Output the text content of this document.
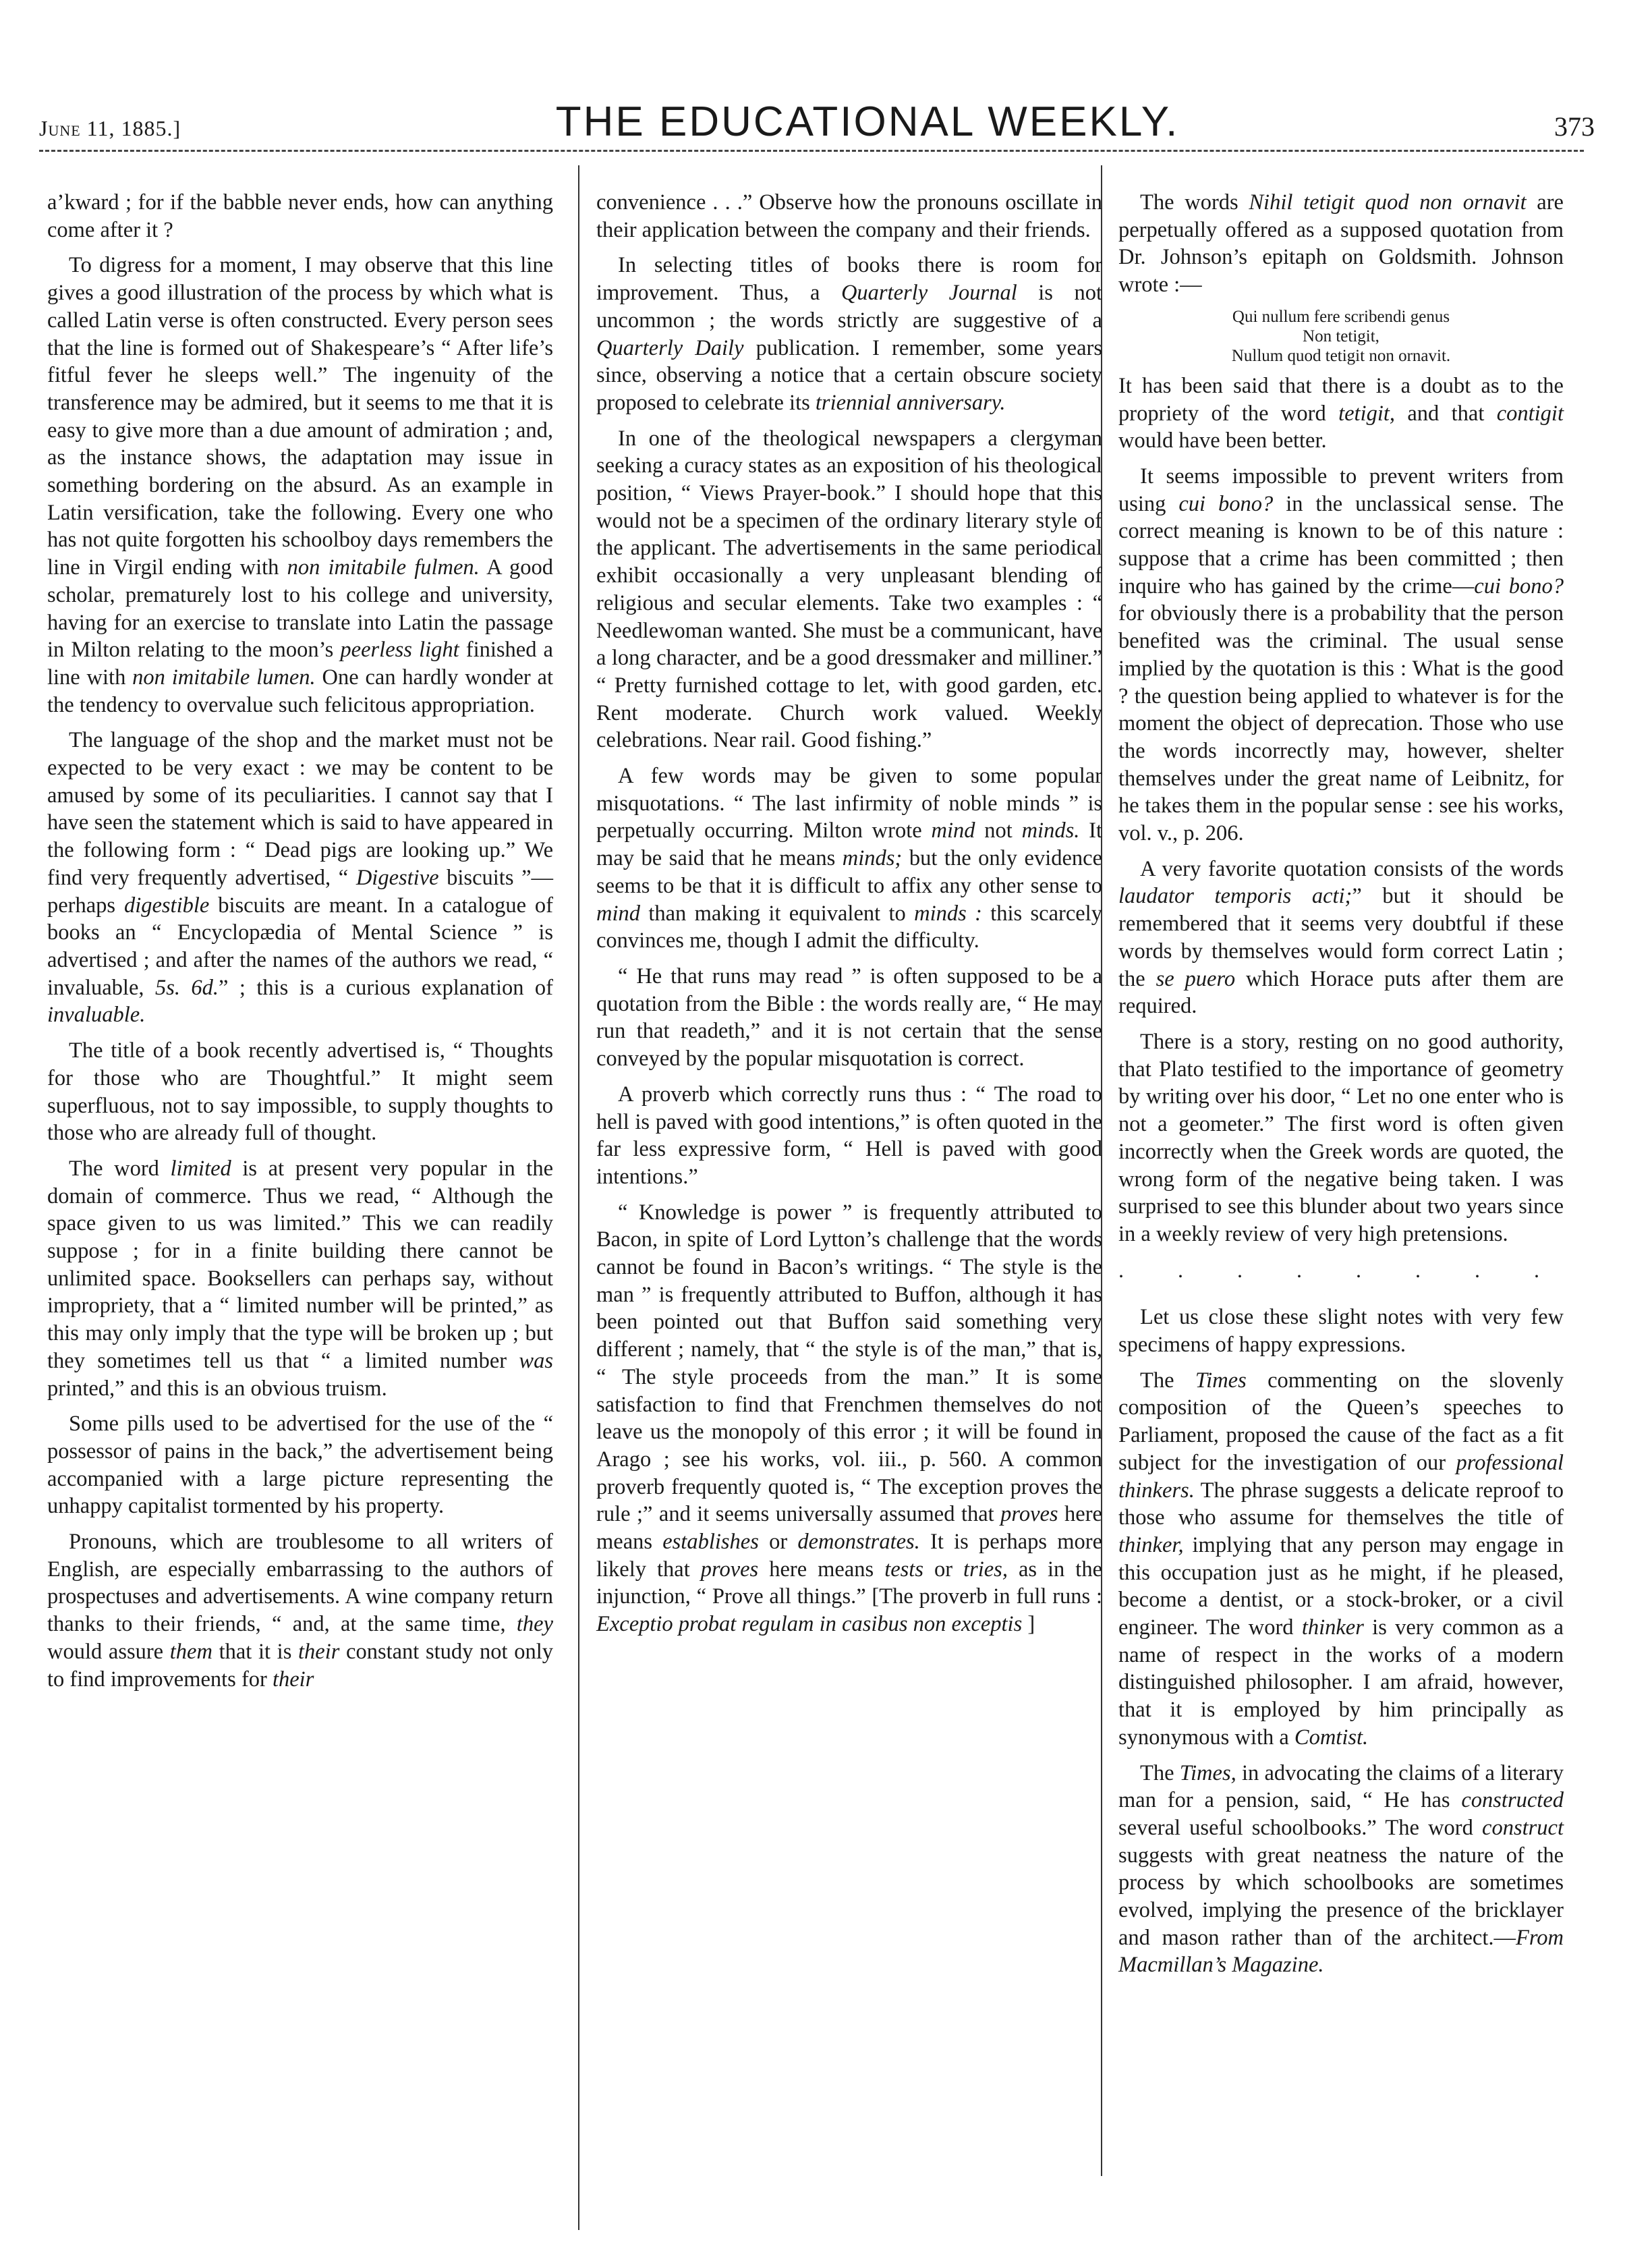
June 11, 1885.]	THE EDUCATIONAL WEEKLY.	373

a’kward ; for if the babble never ends, how can anything come after it ?

To digress for a moment, I may observe that this line gives a good illustration of the process by which what is called Latin verse is often constructed. Every person sees that the line is formed out of Shakespeare’s “ After life’s fitful fever he sleeps well.” The ingenuity of the transference may be admired, but it seems to me that it is easy to give more than a due amount of admiration ; and, as the instance shows, the adaptation may issue in something bordering on the absurd. As an example in Latin versification, take the following. Every one who has not quite forgotten his schoolboy days remembers the line in Virgil ending with non imitabile fulmen. A good scholar, prematurely lost to his college and university, having for an exercise to translate into Latin the passage in Milton relating to the moon’s peerless light finished a line with non imitabile lumen. One can hardly wonder at the tendency to overvalue such felicitous appropriation.

The language of the shop and the market must not be expected to be very exact : we may be content to be amused by some of its peculiarities. I cannot say that I have seen the statement which is said to have appeared in the following form : “ Dead pigs are looking up.” We find very frequently advertised, “ Digestive biscuits ”— perhaps digestible biscuits are meant. In a catalogue of books an “ Encyclopædia of Mental Science ” is advertised ; and after the names of the authors we read, “ invaluable, 5s. 6d.” ; this is a curious explanation of invaluable.

The title of a book recently advertised is, “ Thoughts for those who are Thoughtful.” It might seem superfluous, not to say impossible, to supply thoughts to those who are already full of thought.

The word limited is at present very popular in the domain of commerce. Thus we read, “ Although the space given to us was limited.” This we can readily suppose ; for in a finite building there cannot be unlimited space. Booksellers can perhaps say, without impropriety, that a “ limited number will be printed,” as this may only imply that the type will be broken up ; but they sometimes tell us that “ a limited number was printed,” and this is an obvious truism.

Some pills used to be advertised for the use of the “ possessor of pains in the back,” the advertisement being accompanied with a large picture representing the unhappy capitalist tormented by his property.

Pronouns, which are troublesome to all writers of English, are especially embarrassing to the authors of prospectuses and advertisements. A wine company return thanks to their friends, “ and, at the same time, they would assure them that it is their constant study not only to find improvements for their

convenience . . .” Observe how the pronouns oscillate in their application between the company and their friends.

In selecting titles of books there is room for improvement. Thus, a Quarterly Journal is not uncommon ; the words strictly are suggestive of a Quarterly Daily publication. I remember, some years since, observing a notice that a certain obscure society proposed to celebrate its triennial anniversary.

In one of the theological newspapers a clergyman seeking a curacy states as an exposition of his theological position, “ Views Prayer-book.” I should hope that this would not be a specimen of the ordinary literary style of the applicant. The advertisements in the same periodical exhibit occasionally a very unpleasant blending of religious and secular elements. Take two examples : “ Needlewoman wanted. She must be a communicant, have a long character, and be a good dressmaker and milliner.” “ Pretty furnished cottage to let, with good garden, etc. Rent moderate. Church work valued. Weekly celebrations. Near rail. Good fishing.”

A few words may be given to some popular misquotations. “ The last infirmity of noble minds ” is perpetually occurring. Milton wrote mind not minds. It may be said that he means minds; but the only evidence seems to be that it is difficult to affix any other sense to mind than making it equivalent to minds : this scarcely convinces me, though I admit the difficulty.

“ He that runs may read ” is often supposed to be a quotation from the Bible : the words really are, “ He may run that readeth,” and it is not certain that the sense conveyed by the popular misquotation is correct.

A proverb which correctly runs thus : “ The road to hell is paved with good intentions,” is often quoted in the far less expressive form, “ Hell is paved with good intentions.”

“ Knowledge is power ” is frequently attributed to Bacon, in spite of Lord Lytton’s challenge that the words cannot be found in Bacon’s writings. “ The style is the man ” is frequently attributed to Buffon, although it has been pointed out that Buffon said something very different ; namely, that “ the style is of the man,” that is, “ The style proceeds from the man.” It is some satisfaction to find that Frenchmen themselves do not leave us the monopoly of this error ; it will be found in Arago ; see his works, vol. iii., p. 560. A common proverb frequently quoted is, “ The exception proves the rule ;” and it seems universally assumed that proves here means establishes or demonstrates. It is perhaps more likely that proves here means tests or tries, as in the injunction, “ Prove all things.” [The proverb in full runs : Exceptio probat regulam in casibus non exceptis ]

The words Nihil tetigit quod non ornavit are perpetually offered as a supposed quotation from Dr. Johnson’s epitaph on Goldsmith. Johnson wrote :—

Qui nullum fere scribendi genus
Non tetigit,
Nullum quod tetigit non ornavit.

It has been said that there is a doubt as to the propriety of the word tetigit, and that contigit would have been better.

It seems impossible to prevent writers from using cui bono? in the unclassical sense. The correct meaning is known to be of this nature : suppose that a crime has been committed ; then inquire who has gained by the crime—cui bono? for obviously there is a probability that the person benefited was the criminal. The usual sense implied by the quotation is this : What is the good ? the question being applied to whatever is for the moment the object of deprecation. Those who use the words incorrectly may, however, shelter themselves under the great name of Leibnitz, for he takes them in the popular sense : see his works, vol. v., p. 206.

A very favorite quotation consists of the words laudator temporis acti;” but it should be remembered that it seems very doubtful if these words by themselves would form correct Latin ; the se puero which Horace puts after them are required.

There is a story, resting on no good authority, that Plato testified to the importance of geometry by writing over his door, “ Let no one enter who is not a geometer.” The first word is often given incorrectly when the Greek words are quoted, the wrong form of the negative being taken. I was surprised to see this blunder about two years since in a weekly review of very high pretensions.

. . . . . . . .

Let us close these slight notes with very few specimens of happy expressions.

The Times commenting on the slovenly composition of the Queen’s speeches to Parliament, proposed the cause of the fact as a fit subject for the investigation of our professional thinkers. The phrase suggests a delicate reproof to those who assume for themselves the title of thinker, implying that any person may engage in this occupation just as he might, if he pleased, become a dentist, or a stock-broker, or a civil engineer. The word thinker is very common as a name of respect in the works of a modern distinguished philosopher. I am afraid, however, that it is employed by him principally as synonymous with a Comtist.

The Times, in advocating the claims of a literary man for a pension, said, “ He has constructed several useful schoolbooks.” The word construct suggests with great neatness the nature of the process by which schoolbooks are sometimes evolved, implying the presence of the bricklayer and mason rather than of the architect.—From Macmillan’s Magazine.
